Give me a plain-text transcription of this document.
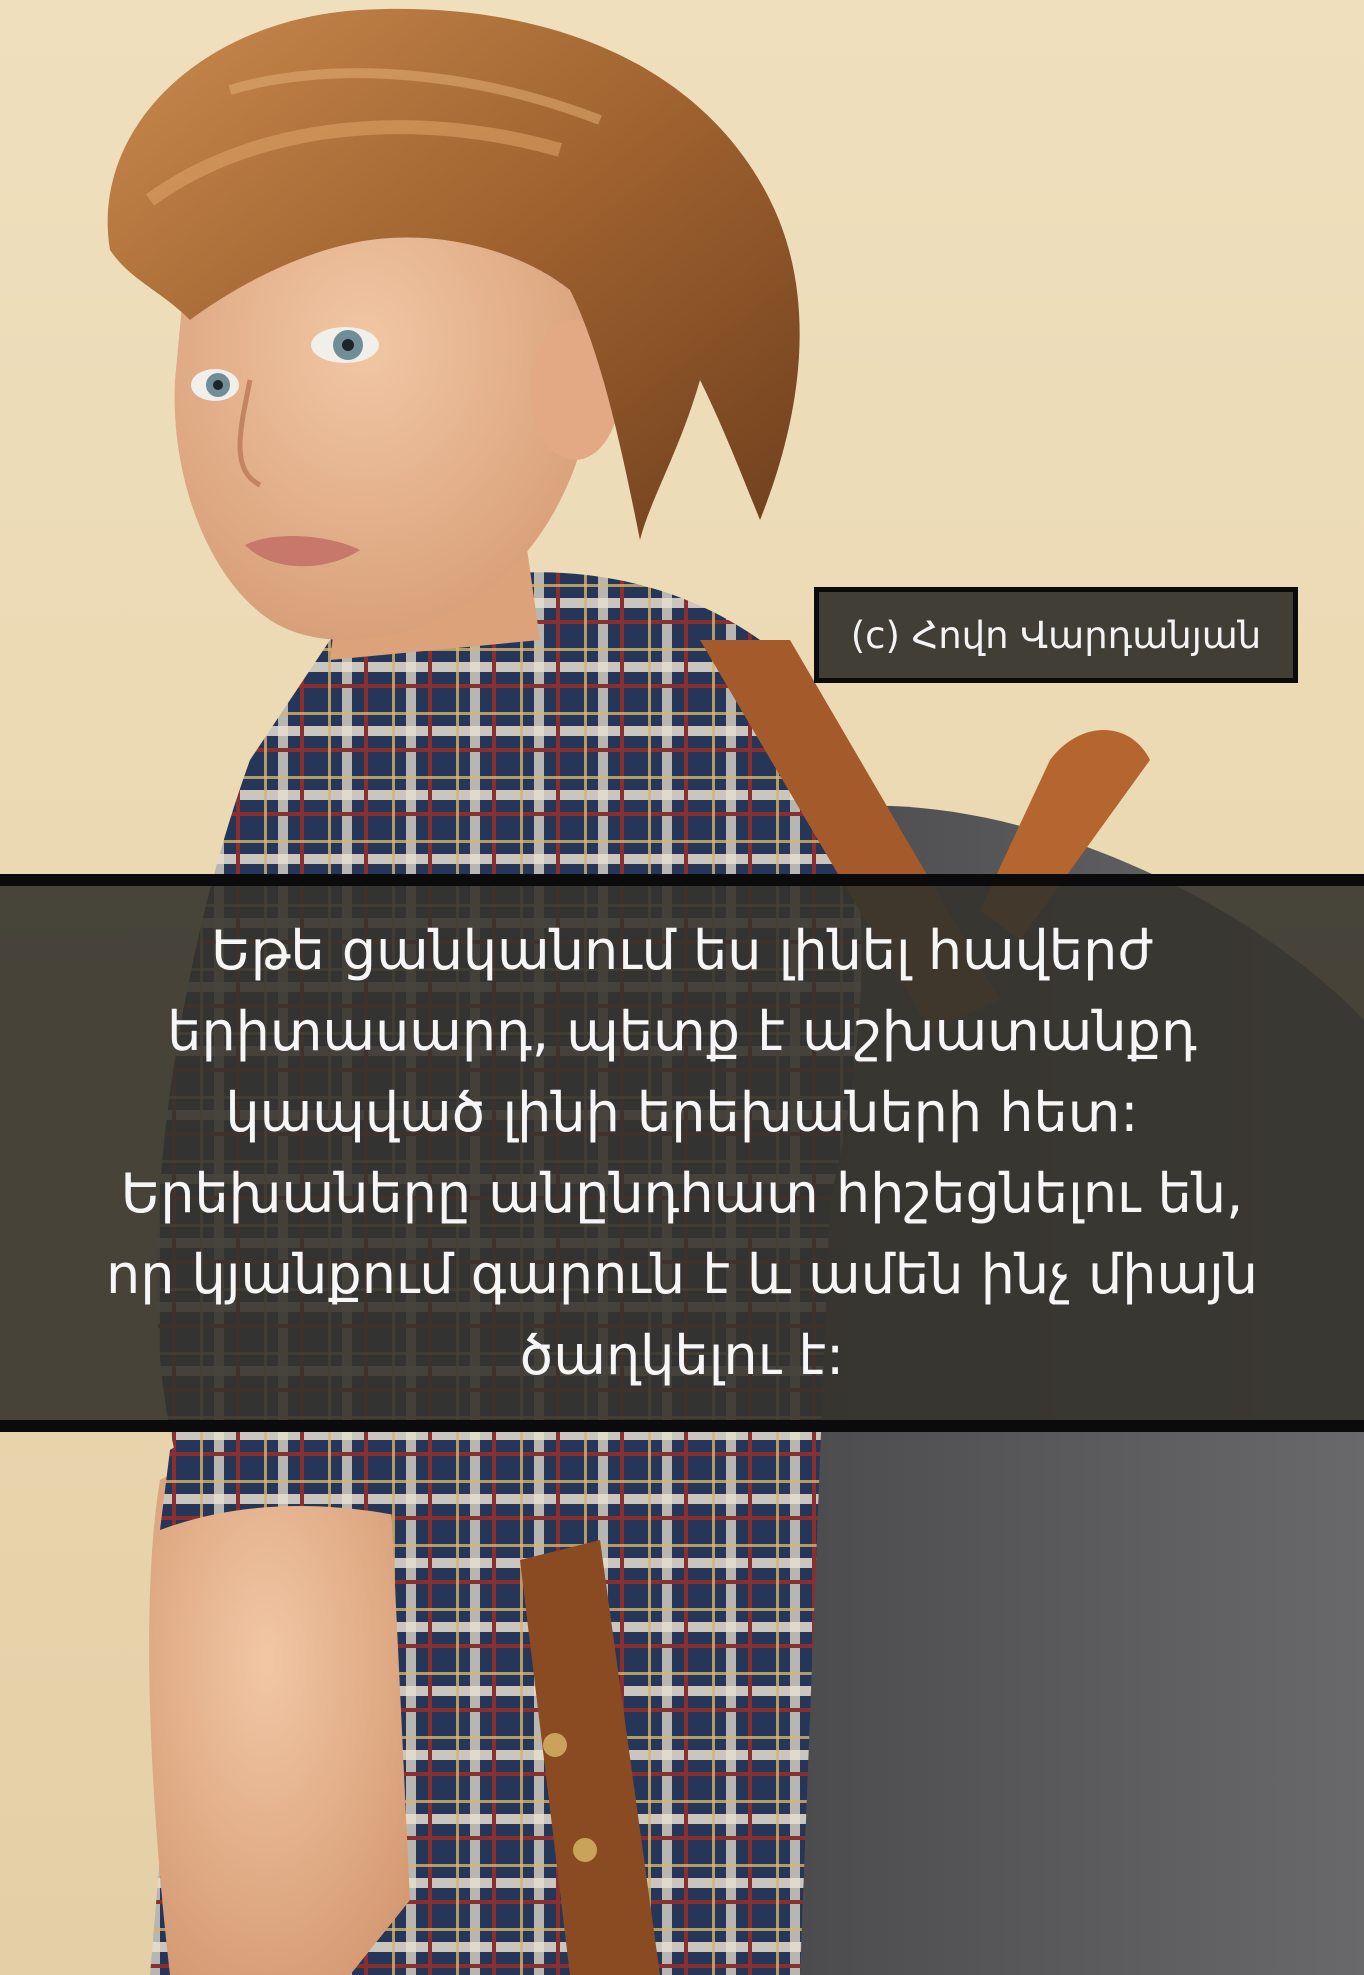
(c) Հովո Վարդանյան

Եթե ցանկանում ես լինել հավերժ
երիտասարդ, պետք է աշխատանքդ
կապված լինի երեխաների հետ:
Երեխաները անընդհատ հիշեցնելու են,
որ կյանքում գարուն է և ամեն ինչ միայն
ծաղկելու է:
